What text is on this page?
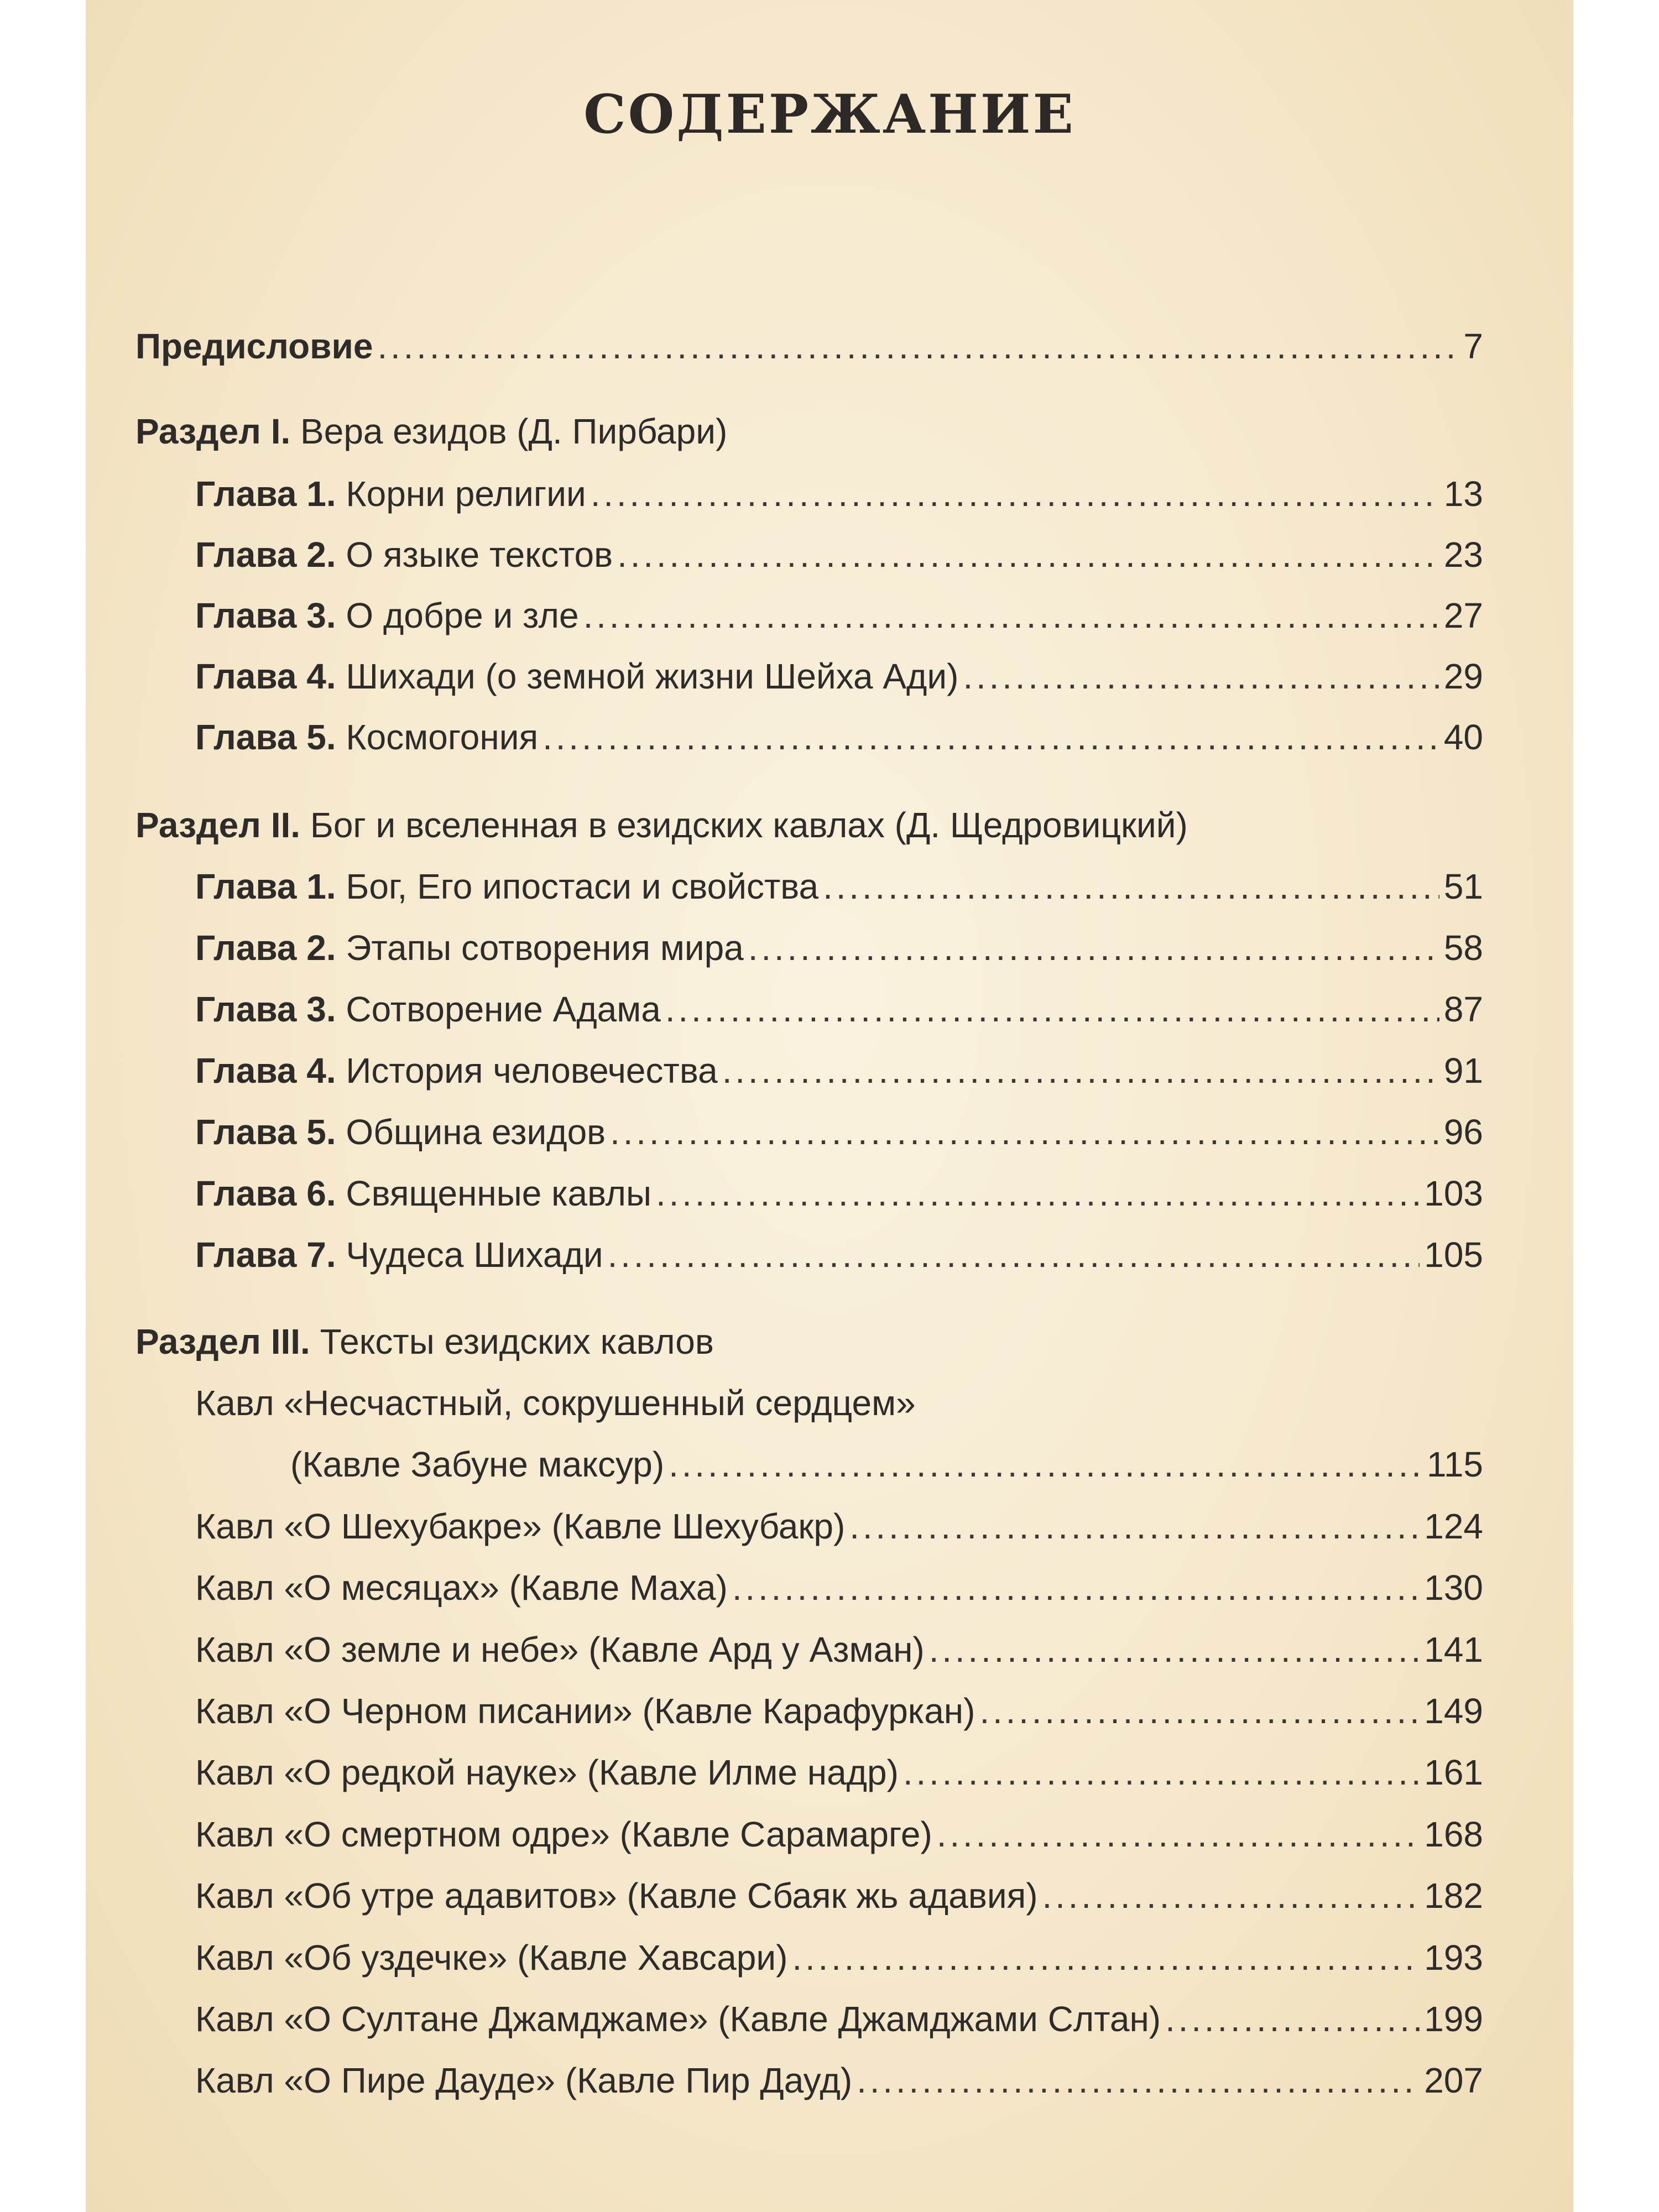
СОДЕРЖАНИЕ
Предисловие . . .	7
Раздел I. Вера езидов (Д. Пирбари)
Глава 1. Корни религии . . .	13
Глава 2. О языке текстов . . .	23
Глава 3. О добре и зле . . .	27
Глава 4. Шихади (о земной жизни Шейха Ади) . . .	29
Глава 5. Космогония . . .	40
Раздел II. Бог и вселенная в езидских кавлах (Д. Щедровицкий)
Глава 1. Бог, Его ипостаси и свойства . . .	51
Глава 2. Этапы сотворения мира . . .	58
Глава 3. Сотворение Адама . . .	87
Глава 4. История человечества . . .	91
Глава 5. Община езидов . . .	96
Глава 6. Священные кавлы . . .	103
Глава 7. Чудеса Шихади . . .	105
Раздел III. Тексты езидских кавлов
Кавл «Несчастный, сокрушенный сердцем»
(Кавле Забуне максур) . . .	115
Кавл «О Шехубакре» (Кавле Шехубакр) . . .	124
Кавл «О месяцах» (Кавле Маха) . . .	130
Кавл «О земле и небе» (Кавле Ард у Азман) . . .	141
Кавл «О Черном писании» (Кавле Карафуркан) . . .	149
Кавл «О редкой науке» (Кавле Илме надр) . . .	161
Кавл «О смертном одре» (Кавле Сарамарге) . . .	168
Кавл «Об утре адавитов» (Кавле Сбаяк жь адавия) . . .	182
Кавл «Об уздечке» (Кавле Хавсари) . . .	193
Кавл «О Султане Джамджаме» (Кавле Джамджами Слтан) . . .	199
Кавл «О Пире Дауде» (Кавле Пир Дауд) . . .	207
